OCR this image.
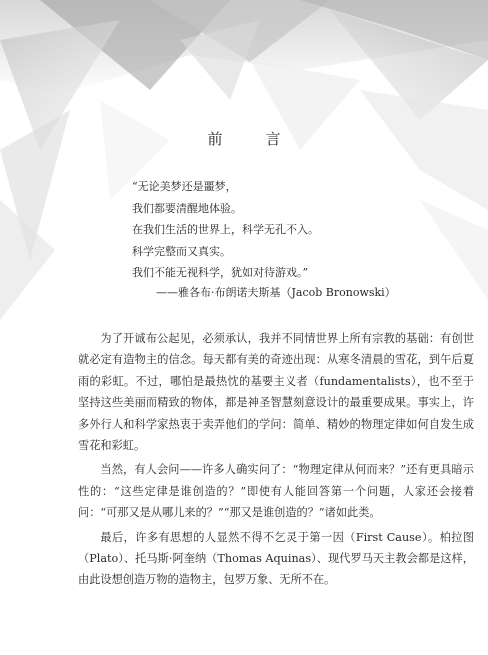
前　言
“无论美梦还是噩梦，
我们都要清醒地体验。
在我们生活的世界上，科学无孔不入。
科学完整而又真实。
我们不能无视科学，犹如对待游戏。”
——雅各布·布朗诺夫斯基（Jacob Bronowski）

为了开诚布公起见，必须承认，我并不同情世界上所有宗教的基础：有创世就必定有造物主的信念。每天都有美的奇迹出现：从寒冬清晨的雪花，到午后夏雨的彩虹。不过，哪怕是最热忱的基要主义者（fundamentalists），也不至于坚持这些美丽而精致的物体，都是神圣智慧刻意设计的最重要成果。事实上，许多外行人和科学家热衷于卖弄他们的学问：简单、精妙的物理定律如何自发生成雪花和彩虹。

当然，有人会问——许多人确实问了：“物理定律从何而来？”还有更具暗示性的：“这些定律是谁创造的？”即使有人能回答第一个问题，人家还会接着问：“可那又是从哪儿来的？”“那又是谁创造的？”诸如此类。

最后，许多有思想的人显然不得不乞灵于第一因（First Cause）。柏拉图（Plato）、托马斯·阿奎纳（Thomas Aquinas）、现代罗马天主教会都是这样，由此设想创造万物的造物主，包罗万象、无所不在。
